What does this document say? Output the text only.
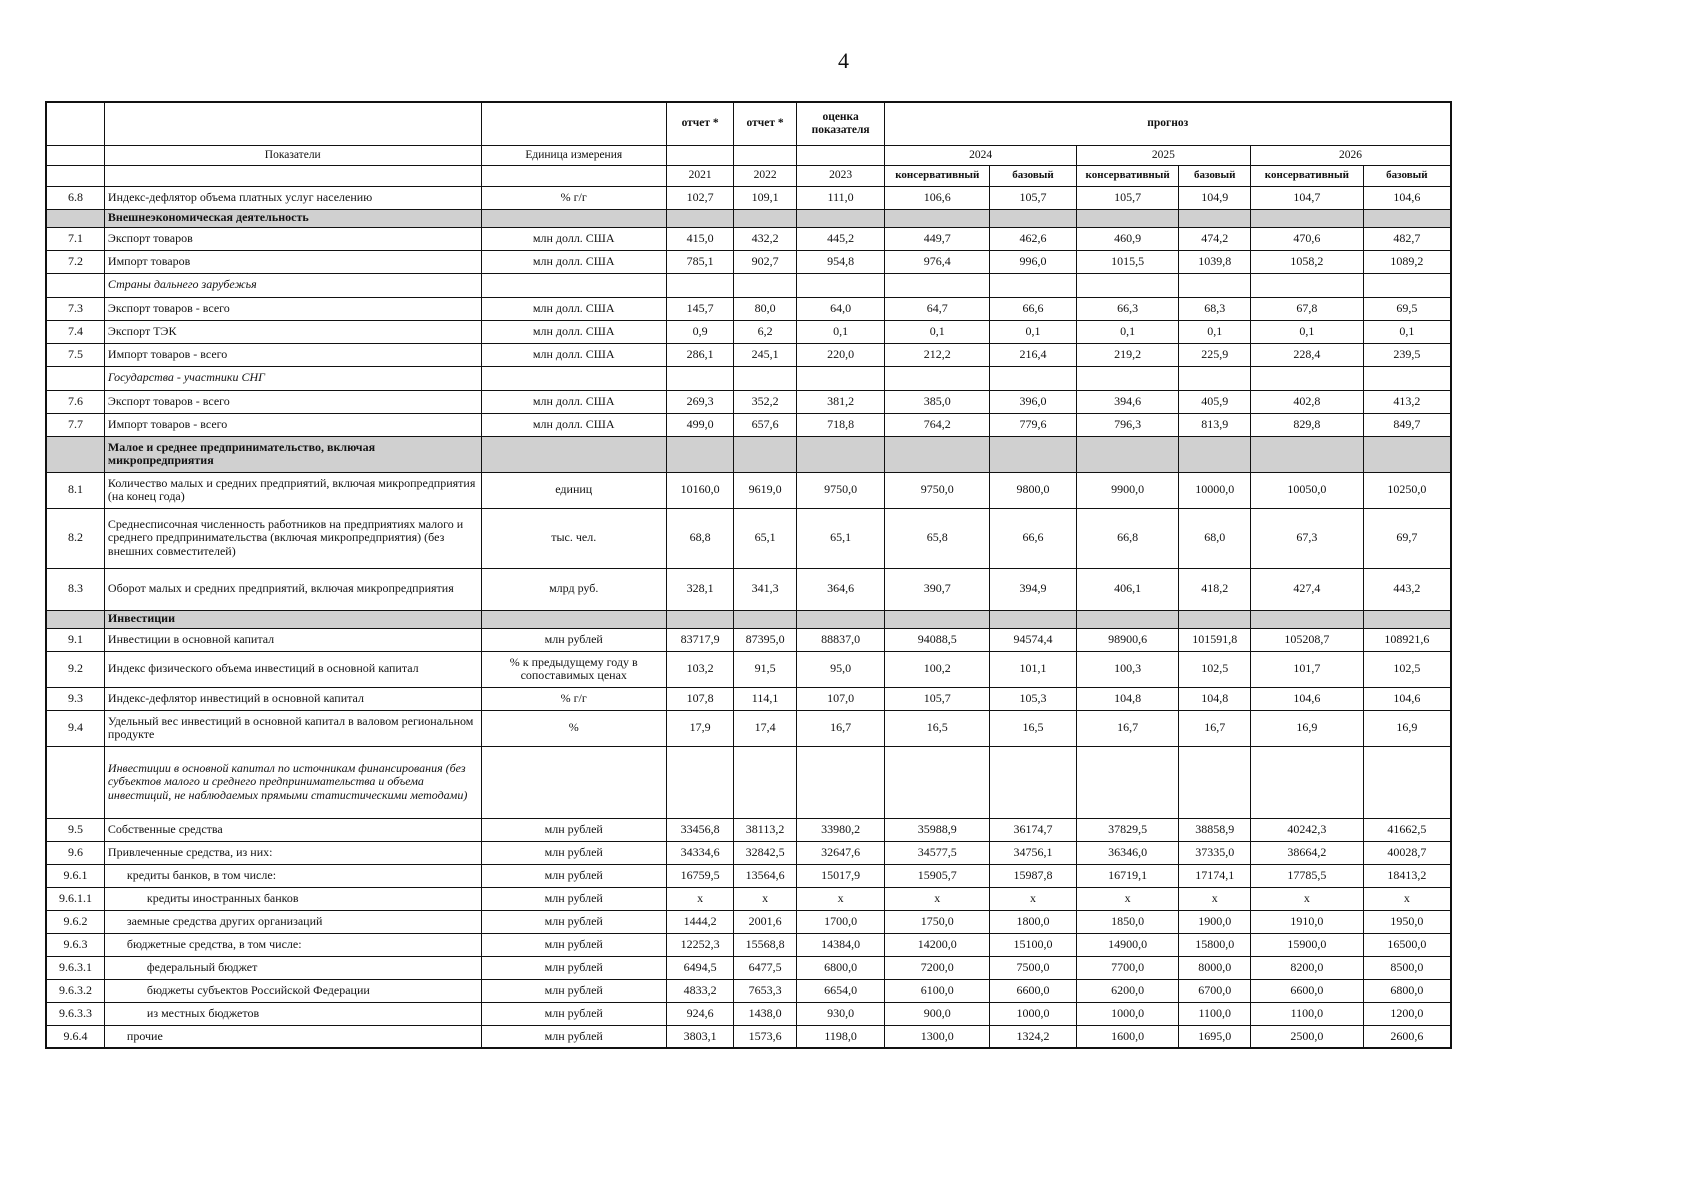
4
			отчет *	отчет *	оценка показателя	прогноз					
	Показатели	Единица измерения				2024		2025		2026	
			2021	2022	2023	консервативный	базовый	консервативный	базовый	консервативный	базовый
6.8	Индекс-дефлятор объема платных услуг населению	% г/г	102,7	109,1	111,0	106,6	105,7	105,7	104,9	104,7	104,6
	Внешнеэкономическая деятельность										
7.1	Экспорт товаров	млн долл. США	415,0	432,2	445,2	449,7	462,6	460,9	474,2	470,6	482,7
7.2	Импорт товаров	млн долл. США	785,1	902,7	954,8	976,4	996,0	1015,5	1039,8	1058,2	1089,2
	Страны дальнего зарубежья										
7.3	Экспорт товаров - всего	млн долл. США	145,7	80,0	64,0	64,7	66,6	66,3	68,3	67,8	69,5
7.4	Экспорт ТЭК	млн долл. США	0,9	6,2	0,1	0,1	0,1	0,1	0,1	0,1	0,1
7.5	Импорт товаров - всего	млн долл. США	286,1	245,1	220,0	212,2	216,4	219,2	225,9	228,4	239,5
	Государства - участники СНГ										
7.6	Экспорт товаров - всего	млн долл. США	269,3	352,2	381,2	385,0	396,0	394,6	405,9	402,8	413,2
7.7	Импорт товаров - всего	млн долл. США	499,0	657,6	718,8	764,2	779,6	796,3	813,9	829,8	849,7
	Малое и среднее предпринимательство, включая микропредприятия										
8.1	Количество малых и средних предприятий, включая микропредприятия (на конец года)	единиц	10160,0	9619,0	9750,0	9750,0	9800,0	9900,0	10000,0	10050,0	10250,0
8.2	Среднесписочная численность работников на предприятиях малого и среднего предпринимательства (включая микропредприятия) (без внешних совместителей)	тыс. чел.	68,8	65,1	65,1	65,8	66,6	66,8	68,0	67,3	69,7
8.3	Оборот малых и средних предприятий, включая микропредприятия	млрд руб.	328,1	341,3	364,6	390,7	394,9	406,1	418,2	427,4	443,2
	Инвестиции										
9.1	Инвестиции в основной капитал	млн рублей	83717,9	87395,0	88837,0	94088,5	94574,4	98900,6	101591,8	105208,7	108921,6
9.2	Индекс физического объема инвестиций в основной капитал	% к предыдущему году в сопоставимых ценах	103,2	91,5	95,0	100,2	101,1	100,3	102,5	101,7	102,5
9.3	Индекс-дефлятор инвестиций в основной капитал	% г/г	107,8	114,1	107,0	105,7	105,3	104,8	104,8	104,6	104,6
9.4	Удельный вес инвестиций в основной капитал в валовом региональном продукте	%	17,9	17,4	16,7	16,5	16,5	16,7	16,7	16,9	16,9
	Инвестиции в основной капитал по источникам финансирования (без субъектов малого и среднего предпринимательства и объема инвестиций, не наблюдаемых прямыми статистическими методами)										
9.5	Собственные средства	млн рублей	33456,8	38113,2	33980,2	35988,9	36174,7	37829,5	38858,9	40242,3	41662,5
9.6	Привлеченные средства, из них:	млн рублей	34334,6	32842,5	32647,6	34577,5	34756,1	36346,0	37335,0	38664,2	40028,7
9.6.1	кредиты банков, в том числе:	млн рублей	16759,5	13564,6	15017,9	15905,7	15987,8	16719,1	17174,1	17785,5	18413,2
9.6.1.1	кредиты иностранных банков	млн рублей	x	x	x	x	x	x	x	x	x
9.6.2	заемные средства других организаций	млн рублей	1444,2	2001,6	1700,0	1750,0	1800,0	1850,0	1900,0	1910,0	1950,0
9.6.3	бюджетные средства, в том числе:	млн рублей	12252,3	15568,8	14384,0	14200,0	15100,0	14900,0	15800,0	15900,0	16500,0
9.6.3.1	федеральный бюджет	млн рублей	6494,5	6477,5	6800,0	7200,0	7500,0	7700,0	8000,0	8200,0	8500,0
9.6.3.2	бюджеты субъектов Российской Федерации	млн рублей	4833,2	7653,3	6654,0	6100,0	6600,0	6200,0	6700,0	6600,0	6800,0
9.6.3.3	из местных бюджетов	млн рублей	924,6	1438,0	930,0	900,0	1000,0	1000,0	1100,0	1100,0	1200,0
9.6.4	прочие	млн рублей	3803,1	1573,6	1198,0	1300,0	1324,2	1600,0	1695,0	2500,0	2600,6
